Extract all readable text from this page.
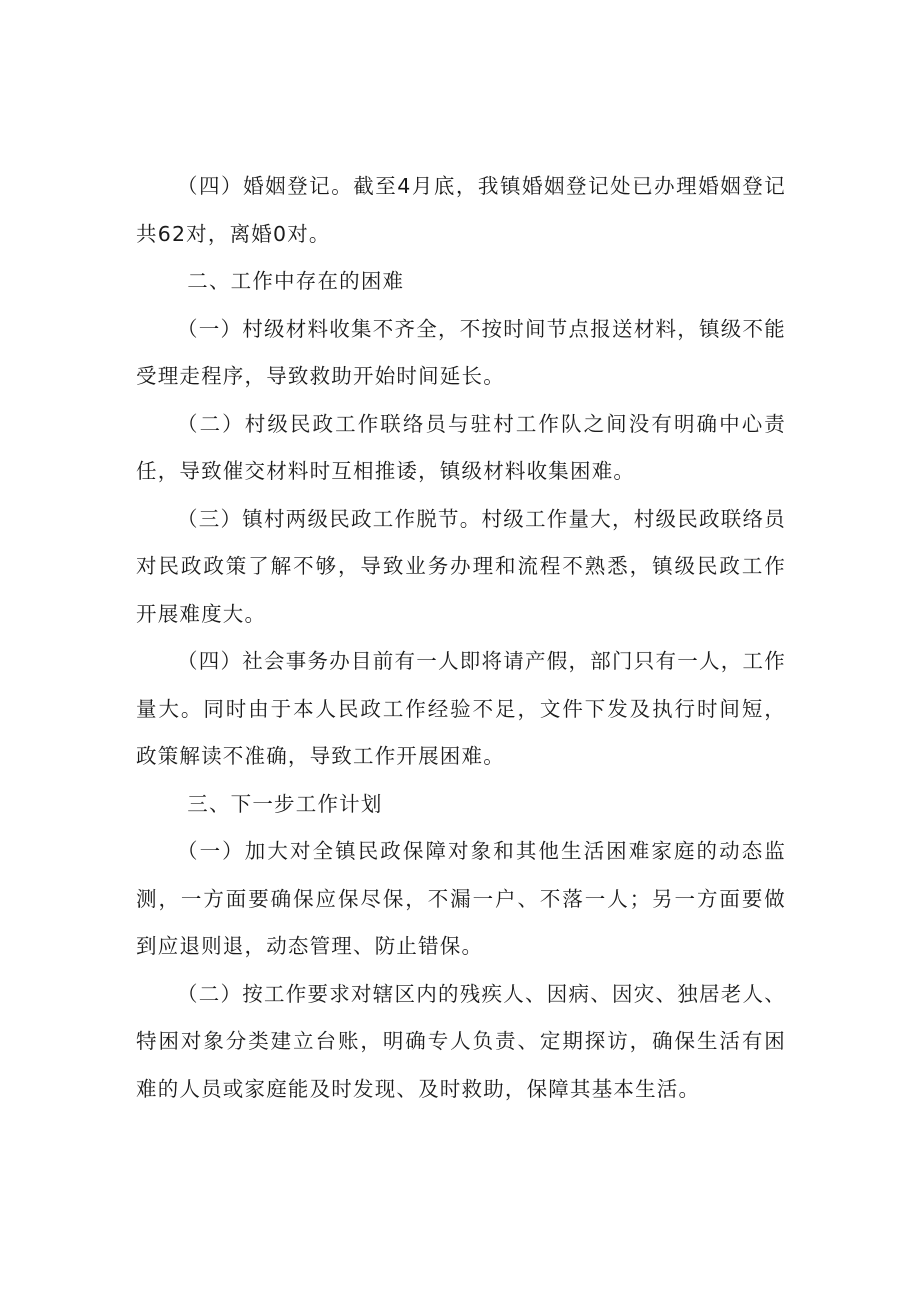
（四）婚姻登记。截至4月底，我镇婚姻登记处已办理婚姻登记共62对，离婚0对。

二、工作中存在的困难

（一）村级材料收集不齐全，不按时间节点报送材料，镇级不能受理走程序，导致救助开始时间延长。

（二）村级民政工作联络员与驻村工作队之间没有明确中心责任，导致催交材料时互相推诿，镇级材料收集困难。

（三）镇村两级民政工作脱节。村级工作量大，村级民政联络员对民政政策了解不够，导致业务办理和流程不熟悉，镇级民政工作开展难度大。

（四）社会事务办目前有一人即将请产假，部门只有一人，工作量大。同时由于本人民政工作经验不足，文件下发及执行时间短，政策解读不准确，导致工作开展困难。

三、下一步工作计划

（一）加大对全镇民政保障对象和其他生活困难家庭的动态监测，一方面要确保应保尽保，不漏一户、不落一人；另一方面要做到应退则退，动态管理、防止错保。

（二）按工作要求对辖区内的残疾人、因病、因灾、独居老人、特困对象分类建立台账，明确专人负责、定期探访，确保生活有困难的人员或家庭能及时发现、及时救助，保障其基本生活。
